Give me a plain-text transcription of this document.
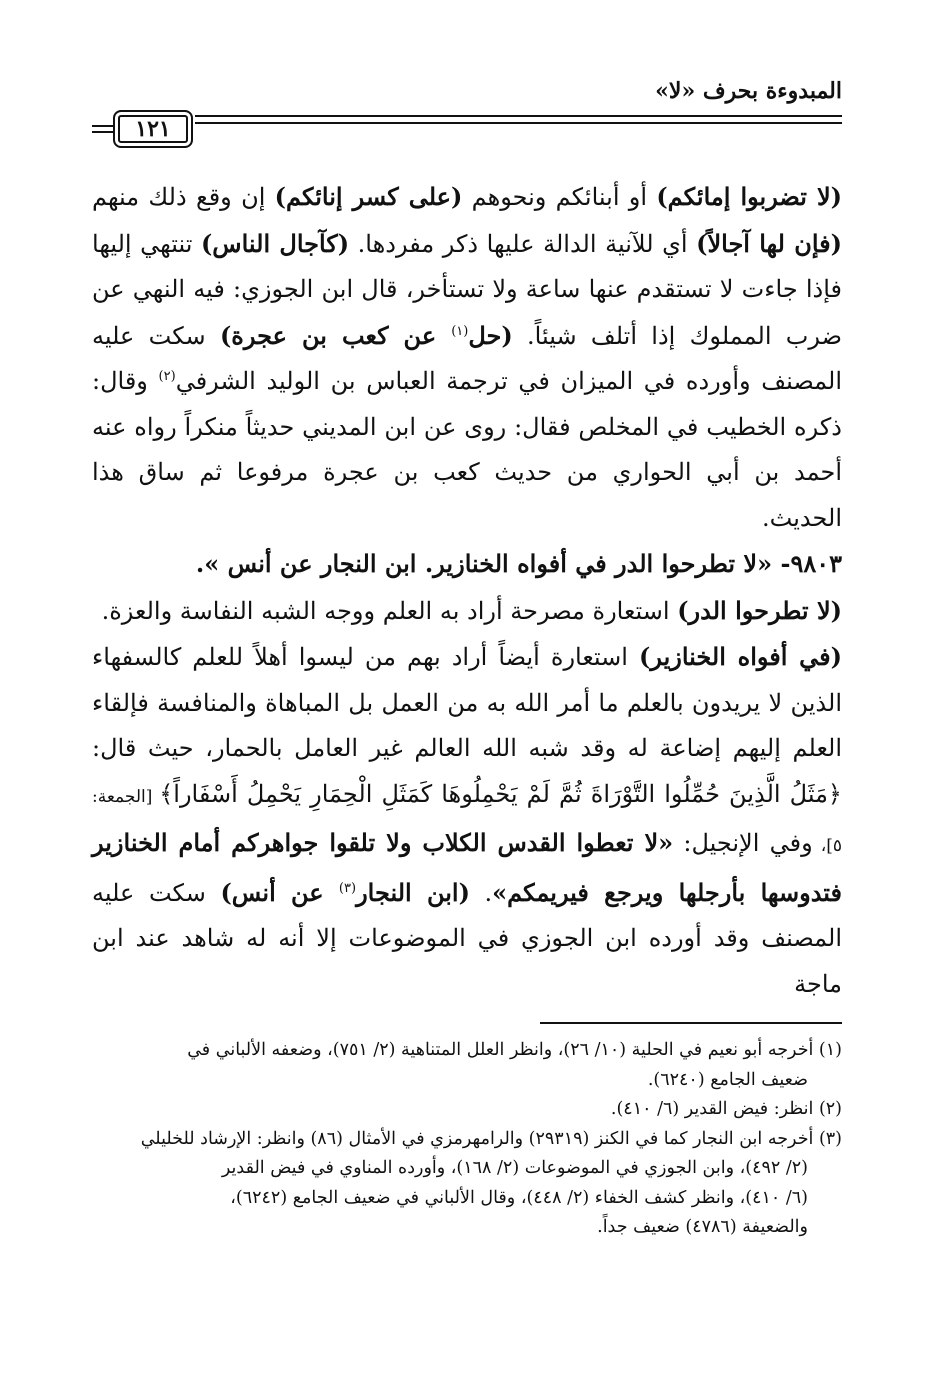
المبدوءة بحرف «لا»
١٢١

(لا تضربوا إمائكم) أو أبنائكم ونحوهم (على كسر إنائكم) إن وقع ذلك منهم (فإن لها آجالاً) أي للآنية الدالة عليها ذكر مفردها. (كآجال الناس) تنتهي إليها فإذا جاءت لا تستقدم عنها ساعة ولا تستأخر، قال ابن الجوزي: فيه النهي عن ضرب المملوك إذا أتلف شيئاً. (حل$^{(١)}$ عن كعب بن عجرة) سكت عليه المصنف وأورده في الميزان في ترجمة العباس بن الوليد الشرفي$^{(٢)}$ وقال: ذكره الخطيب في المخلص فقال: روى عن ابن المديني حديثاً منكراً رواه عنه أحمد بن أبي الحواري من حديث كعب بن عجرة مرفوعا ثم ساق هذا الحديث.

٩٨٠٣- «لا تطرحوا الدر في أفواه الخنازير. ابن النجار عن أنس ».

(لا تطرحوا الدر) استعارة مصرحة أراد به العلم ووجه الشبه النفاسة والعزة.

(في أفواه الخنازير) استعارة أيضاً أراد بهم من ليسوا أهلاً للعلم كالسفهاء الذين لا يريدون بالعلم ما أمر الله به من العمل بل المباهاة والمنافسة فإلقاء العلم إليهم إضاعة له وقد شبه الله العالم غير العامل بالحمار، حيث قال: ﴿مَثَلُ الَّذِينَ حُمِّلُوا التَّوْرَاةَ ثُمَّ لَمْ يَحْمِلُوهَا كَمَثَلِ الْحِمَارِ يَحْمِلُ أَسْفَاراً﴾ [الجمعة: ٥]، وفي الإنجيل: «لا تعطوا القدس الكلاب ولا تلقوا جواهركم أمام الخنازير فتدوسها بأرجلها ويرجع فيريمكم». (ابن النجار$^{(٣)}$ عن أنس) سكت عليه المصنف وقد أورده ابن الجوزي في الموضوعات إلا أنه له شاهد عند ابن ماجة

(١) أخرجه أبو نعيم في الحلية (١٠/ ٢٦)، وانظر العلل المتناهية (٢/ ٧٥١)، وضعفه الألباني في

ضعيف الجامع (٦٢٤٠).

(٢) انظر: فيض القدير (٦/ ٤١٠).

(٣) أخرجه ابن النجار كما في الكنز (٢٩٣١٩) والرامهرمزي في الأمثال (٨٦) وانظر: الإرشاد للخليلي

(٢/ ٤٩٢)، وابن الجوزي في الموضوعات (٢/ ١٦٨)، وأورده المناوي في فيض القدير

(٦/ ٤١٠)، وانظر كشف الخفاء (٢/ ٤٤٨)، وقال الألباني في ضعيف الجامع (٦٢٤٢)،

والضعيفة (٤٧٨٦) ضعيف جداً.
